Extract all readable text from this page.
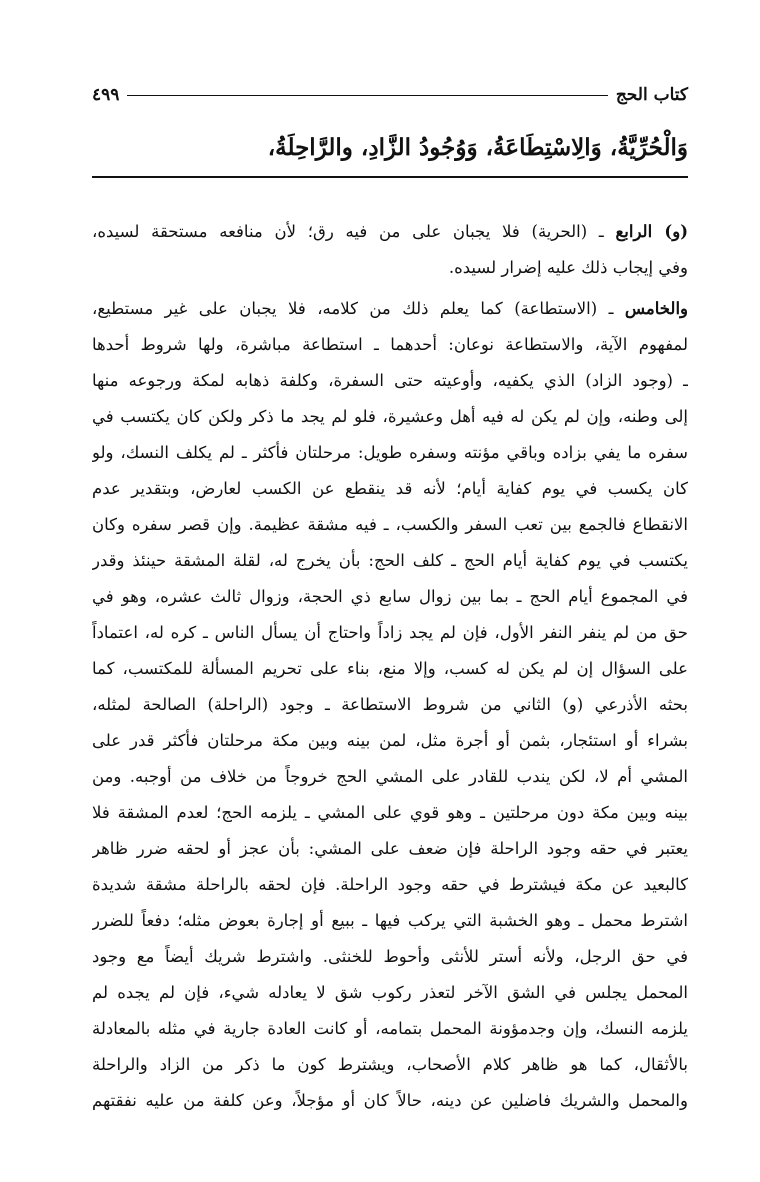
كتاب الحج
٤٩٩
وَالْحُرِّيَّةُ، وَالِاسْتِطَاعَةُ، وَوُجُودُ الزَّادِ، والرَّاحِلَةُ،
(و) الرابع ـ (الحرية) فلا يجبان على من فيه رق؛ لأن منافعه مستحقة لسيده،
وفي إيجاب ذلك عليه إضرار لسيده.
والخامس ـ (الاستطاعة) كما يعلم ذلك من كلامه، فلا يجبان على غير مستطيع،
لمفهوم الآية، والاستطاعة نوعان: أحدهما ـ استطاعة مباشرة، ولها شروط أحدها
ـ (وجود الزاد) الذي يكفيه، وأوعيته حتى السفرة، وكلفة ذهابه لمكة ورجوعه منها
إلى وطنه، وإن لم يكن له فيه أهل وعشيرة، فلو لم يجد ما ذكر ولكن كان يكتسب في
سفره ما يفي بزاده وباقي مؤنته وسفره طويل: مرحلتان فأكثر ـ لم يكلف النسك، ولو
كان يكسب في يوم كفاية أيام؛ لأنه قد ينقطع عن الكسب لعارض، وبتقدير عدم
الانقطاع فالجمع بين تعب السفر والكسب، ـ فيه مشقة عظيمة. وإن قصر سفره وكان
يكتسب في يوم كفاية أيام الحج ـ كلف الحج: بأن يخرج له، لقلة المشقة حينئذ وقدر
في المجموع أيام الحج ـ بما بين زوال سابع ذي الحجة، وزوال ثالث عشره، وهو في
حق من لم ينفر النفر الأول، فإن لم يجد زاداً واحتاج أن يسأل الناس ـ كره له، اعتماداً
على السؤال إن لم يكن له كسب، وإلا منع، بناء على تحريم المسألة للمكتسب، كما
بحثه الأذرعي (و) الثاني من شروط الاستطاعة ـ وجود (الراحلة) الصالحة لمثله،
بشراء أو استئجار، بثمن أو أجرة مثل، لمن بينه وبين مكة مرحلتان فأكثر قدر على
المشي أم لا، لكن يندب للقادر على المشي الحج خروجاً من خلاف من أوجبه. ومن
بينه وبين مكة دون مرحلتين ـ وهو قوي على المشي ـ يلزمه الحج؛ لعدم المشقة فلا
يعتبر في حقه وجود الراحلة فإن ضعف على المشي: بأن عجز أو لحقه ضرر ظاهر
كالبعيد عن مكة فيشترط في حقه وجود الراحلة. فإن لحقه بالراحلة مشقة شديدة
اشترط محمل ـ وهو الخشبة التي يركب فيها ـ ببيع أو إجارة بعوض مثله؛ دفعاً للضرر
في حق الرجل، ولأنه أستر للأنثى وأحوط للخنثى. واشترط شريك أيضاً مع وجود
المحمل يجلس في الشق الآخر لتعذر ركوب شق لا يعادله شيء، فإن لم يجده لم
يلزمه النسك، وإن وجدمؤونة المحمل بتمامه، أو كانت العادة جارية في مثله بالمعادلة
بالأثقال، كما هو ظاهر كلام الأصحاب، ويشترط كون ما ذكر من الزاد والراحلة
والمحمل والشريك فاضلين عن دينه، حالاً كان أو مؤجلاً، وعن كلفة من عليه نفقتهم
